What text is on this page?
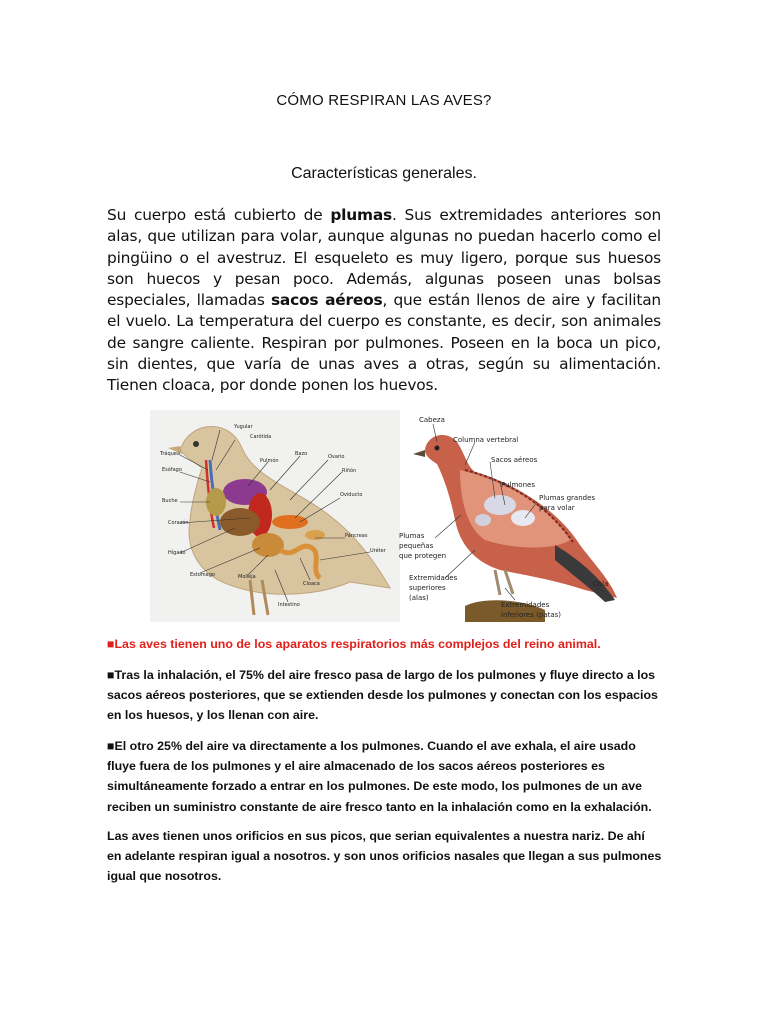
CÓMO RESPIRAN LAS AVES?
Características generales.
Su cuerpo está cubierto de plumas. Sus extremidades anteriores son alas, que utilizan para volar, aunque algunas no puedan hacerlo como el pingüino o el avestruz. El esqueleto es muy ligero, porque sus huesos son huecos y pesan poco. Además, algunas poseen unas bolsas especiales, llamadas sacos aéreos, que están llenos de aire y facilitan el vuelo. La temperatura del cuerpo es constante, es decir, son animales de sangre caliente. Respiran por pulmones. Poseen en la boca un pico, sin dientes, que varía de unas aves a otras, según su alimentación. Tienen cloaca, por donde ponen los huevos.
Yugular
Carótida
Tráquea
Esófago
Pulmón
Bazo	Ovario
Riñón
Buche
Oviducto
Corazón
Páncreas
Hígado	Uréter
Estomago	Molleja
Cloaca
Intestino
Cabeza
Columna vertebral
Sacos aéreos
Pulmones
Plumas grandes
para volar
Plumas
pequeñas
que protegen
Extremidades
superiores
(alas)
Cola
Extremidades
inferiores (patas)
■Las aves tienen uno de los aparatos respiratorios más complejos del reino animal.
■Tras la inhalación, el 75% del aire fresco pasa de largo de los pulmones y fluye directo a los sacos aéreos posteriores, que se extienden desde los pulmones y conectan con los espacios en los huesos, y los llenan con aire.
■El otro 25% del aire va directamente a los pulmones. Cuando el ave exhala, el aire usado fluye fuera de los pulmones y el aire almacenado de los sacos aéreos posteriores es simultáneamente forzado a entrar en los pulmones. De este modo, los pulmones de un ave reciben un suministro constante de aire fresco tanto en la inhalación como en la exhalación.
Las aves tienen unos orificios en sus picos, que serian equivalentes a nuestra nariz. De ahí en adelante respiran igual a nosotros. y son unos orificios nasales que llegan a sus pulmones igual que nosotros.
